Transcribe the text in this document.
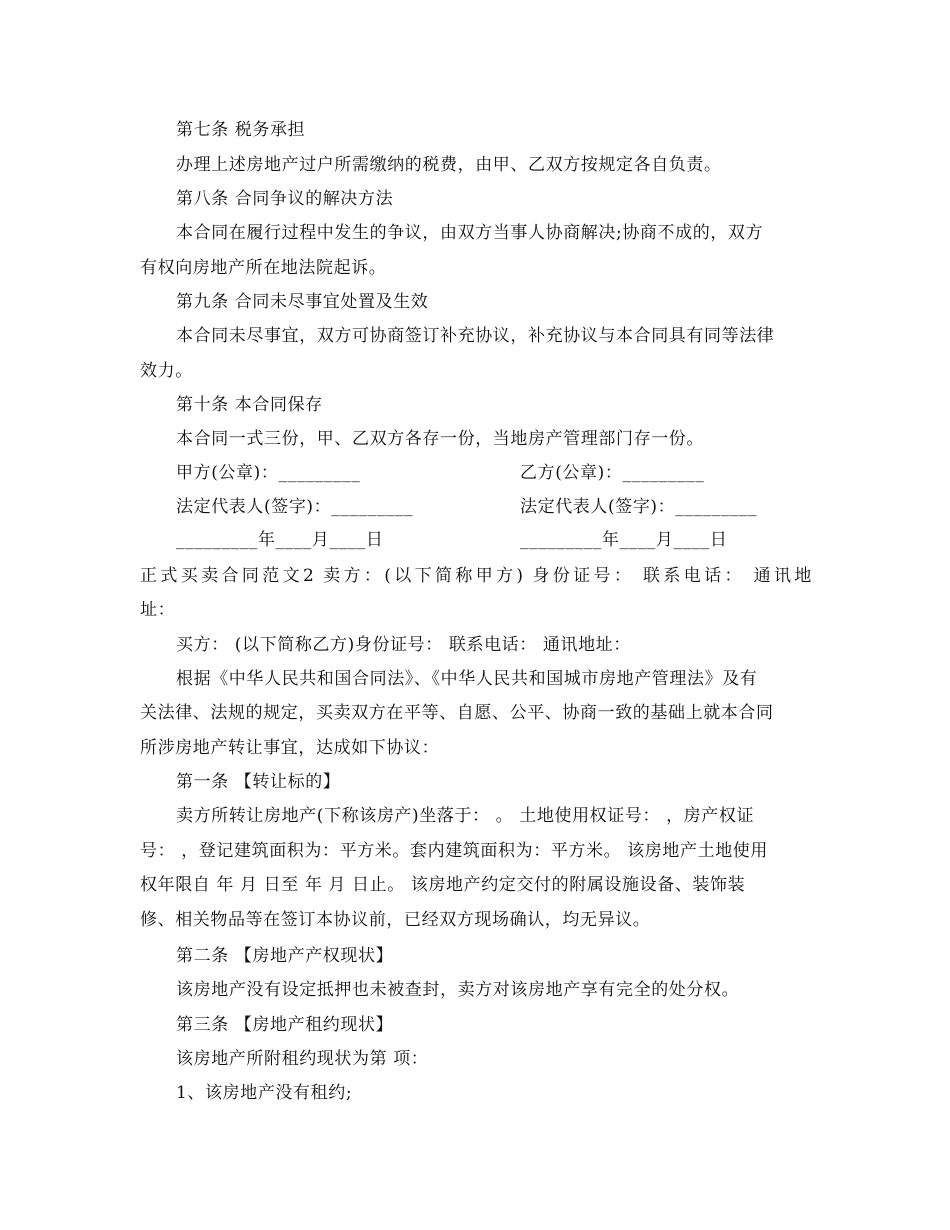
第七条 税务承担
办理上述房地产过户所需缴纳的税费，由甲、乙双方按规定各自负责。
第八条 合同争议的解决方法
本合同在履行过程中发生的争议，由双方当事人协商解决;协商不成的，双方
有权向房地产所在地法院起诉。
第九条 合同未尽事宜处置及生效
本合同未尽事宜，双方可协商签订补充协议，补充协议与本合同具有同等法律
效力。
第十条 本合同保存
本合同一式三份，甲、乙双方各存一份，当地房产管理部门存一份。
甲方(公章)：_________	乙方(公章)：_________
法定代表人(签字)：_________	法定代表人(签字)：_________
_________年____月____日	_________年____月____日
正式买卖合同范文2 卖方：(以下简称甲方) 身份证号： 联系电话： 通讯地
址：
买方： (以下简称乙方)身份证号： 联系电话： 通讯地址：
根据《中华人民共和国合同法》、《中华人民共和国城市房地产管理法》及有
关法律、法规的规定，买卖双方在平等、自愿、公平、协商一致的基础上就本合同
所涉房地产转让事宜，达成如下协议：
第一条 【转让标的】
卖方所转让房地产(下称该房产)坐落于： 。 土地使用权证号： ，房产权证
号： ，登记建筑面积为：平方米。套内建筑面积为：平方米。 该房地产土地使用
权年限自 年 月 日至 年 月 日止。 该房地产约定交付的附属设施设备、装饰装
修、相关物品等在签订本协议前，已经双方现场确认，均无异议。
第二条 【房地产产权现状】
该房地产没有设定抵押也未被查封，卖方对该房地产享有完全的处分权。
第三条 【房地产租约现状】
该房地产所附租约现状为第 项：
1、该房地产没有租约;
